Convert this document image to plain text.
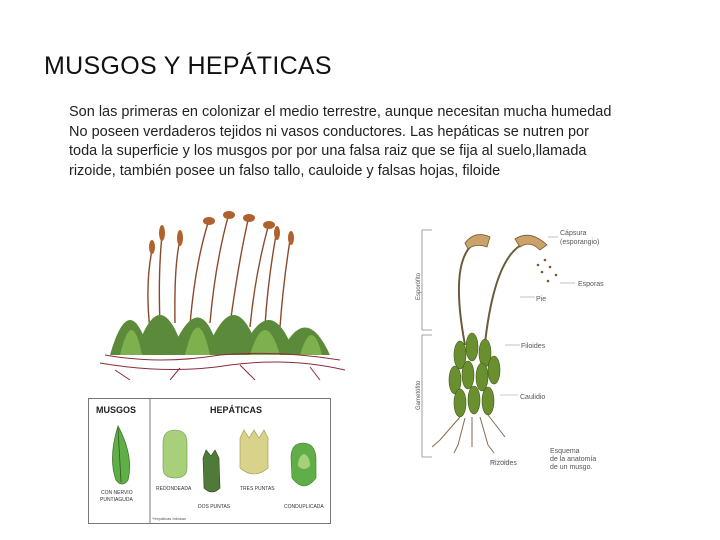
MUSGOS Y HEPÁTICAS
Son las primeras en colonizar el medio terrestre, aunque necesitan mucha humedad
No poseen verdaderos tejidos ni vasos conductores. Las hepáticas se nutren por
toda la superficie y los musgos por por una falsa raiz que se fija al suelo,llamada
rizoide, también posee un falso tallo, cauloide y falsas hojas, filoide
Esporófito
Gametófito
Cápsura
(esporangio)
Esporas
Pie
Filoides
Caulidio
Rizoides
Esquema
de la anatomía
de un musgo.
MUSGOS	HEPÁTICAS
CON NERVIO
PUNTIAGUDA
REDONDEADA
DOS PUNTAS
TRES PUNTAS
CONDUPLICADA
*Hepáticas foliosas
